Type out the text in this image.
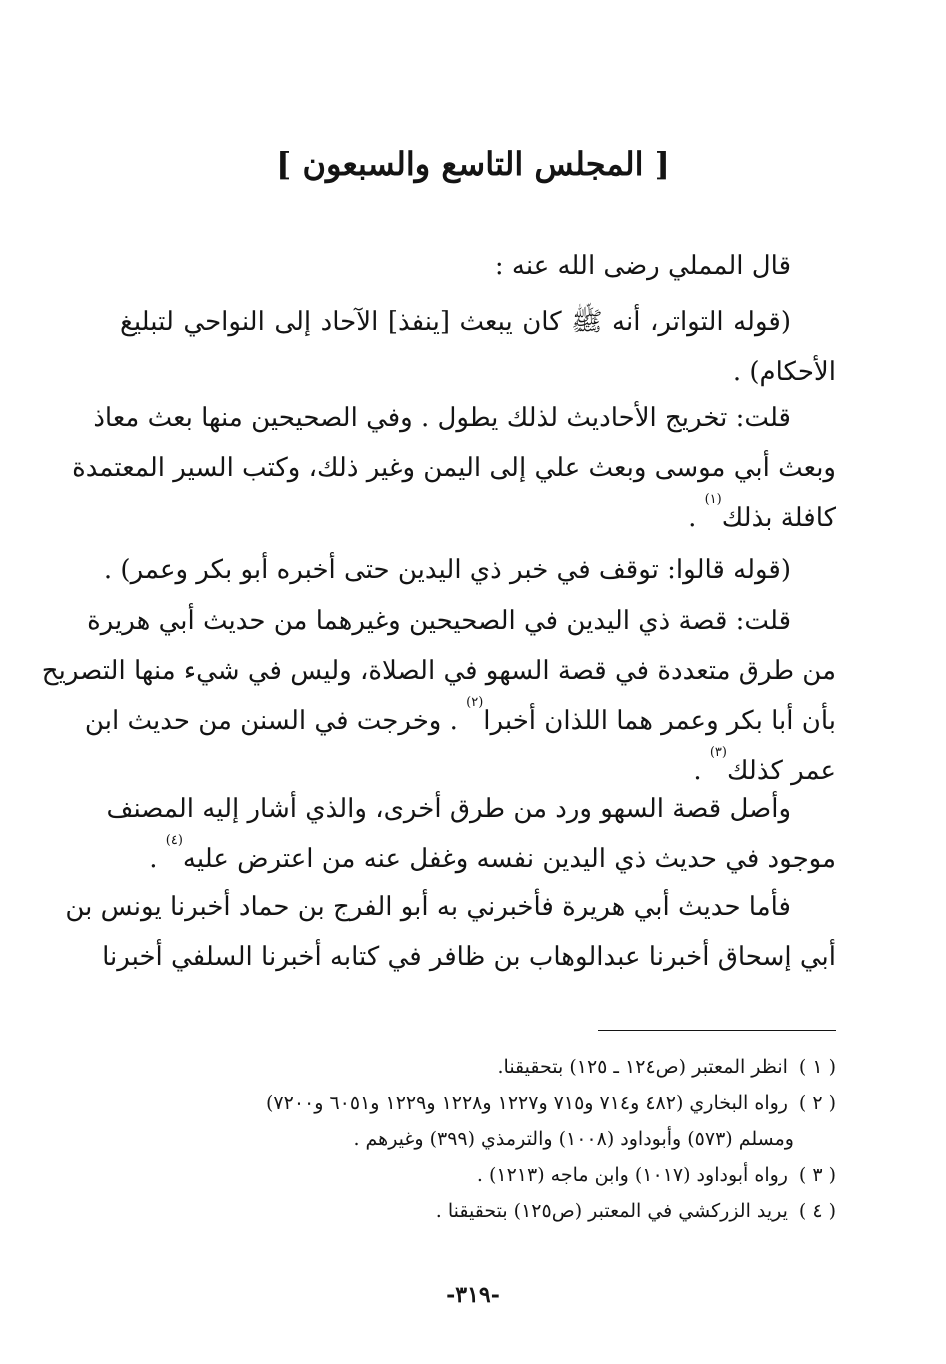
[ المجلس التاسع والسبعون ]
قال المملي رضى الله عنه :
(قوله التواتر، أنه ﷺ كان يبعث [ينفذ] الآحاد إلى النواحي لتبليغ
الأحكام) .
قلت: تخريج الأحاديث لذلك يطول . وفي الصحيحين منها بعث معاذ
وبعث أبي موسى وبعث علي إلى اليمن وغير ذلك، وكتب السير المعتمدة
كافلة بذلك$^{(١)}$ .
(قوله قالوا: توقف في خبر ذي اليدين حتى أخبره أبو بكر وعمر) .
قلت: قصة ذي اليدين في الصحيحين وغيرهما من حديث أبي هريرة
من طرق متعددة في قصة السهو في الصلاة، وليس في شيء منها التصريح
بأن أبا بكر وعمر هما اللذان أخبرا$^{(٢)}$ . وخرجت في السنن من حديث ابن
عمر كذلك$^{(٣)}$ .
وأصل قصة السهو ورد من طرق أخرى، والذي أشار إليه المصنف
موجود في حديث ذي اليدين نفسه وغفل عنه من اعترض عليه$^{(٤)}$ .
فأما حديث أبي هريرة فأخبرني به أبو الفرج بن حماد أخبرنا يونس بن
أبي إسحاق أخبرنا عبدالوهاب بن ظافر في كتابه أخبرنا السلفي أخبرنا
( ١ ) انظر المعتبر (ص١٢٤ ـ ١٢٥) بتحقيقنا.
( ٢ ) رواه البخاري (٤٨٢ و٧١٤ و٧١٥ و١٢٢٧ و١٢٢٨ و١٢٢٩ و٦٠٥١ و٧٢٠٠)
ومسلم (٥٧٣) وأبوداود (١٠٠٨) والترمذي (٣٩٩) وغيرهم .
( ٣ ) رواه أبوداود (١٠١٧) وابن ماجه (١٢١٣) .
( ٤ ) يريد الزركشي في المعتبر (ص١٢٥) بتحقيقنا .
-٣١٩-
